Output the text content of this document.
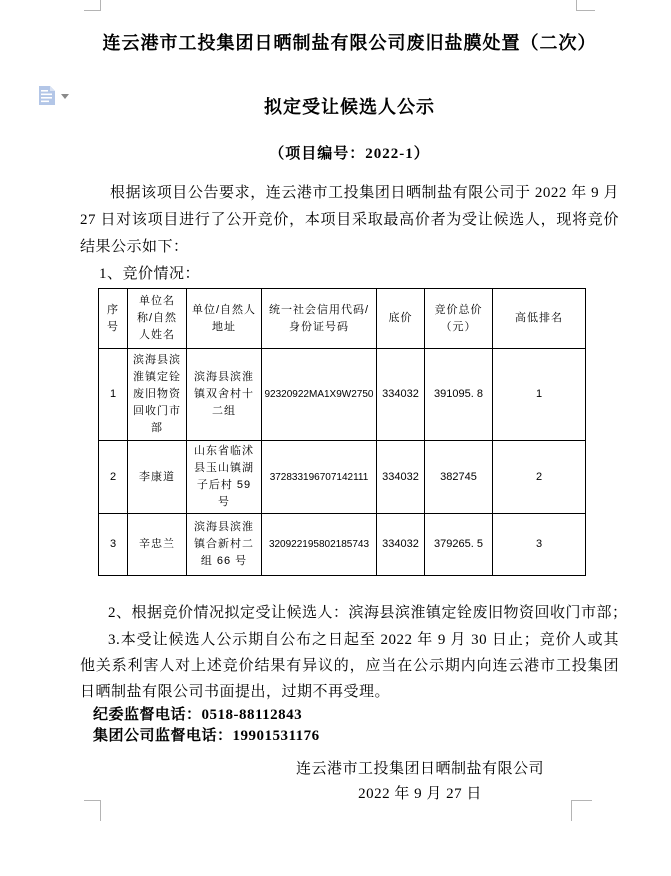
连云港市工投集团日晒制盐有限公司废旧盐膜处置（二次）
拟定受让候选人公示
（项目编号：2022-1）

根据该项目公告要求，连云港市工投集团日晒制盐有限公司于 2022 年 9 月 27 日对该项目进行了公开竞价，本项目采取最高价者为受让候选人，现将竞价结果公示如下：

1、竞价情况：

序号	单位名称/自然人姓名	单位/自然人地址	统一社会信用代码/身份证号码	底价	竞价总价（元）	高低排名
1	滨海县滨淮镇定铨废旧物资回收门市部	滨海县滨淮镇双舍村十二组	92320922MA1X9W2750	334032	391095. 8	1
2	李康道	山东省临沭县玉山镇湖子后村 59 号	372833196707142111	334032	382745	2
3	辛忠兰	滨海县滨淮镇合新村二组 66 号	320922195802185743	334032	379265. 5	3

2、根据竞价情况拟定受让候选人：滨海县滨淮镇定铨废旧物资回收门市部；

3.本受让候选人公示期自公布之日起至 2022 年 9 月 30 日止；竞价人或其他关系利害人对上述竞价结果有异议的，应当在公示期内向连云港市工投集团日晒制盐有限公司书面提出，过期不再受理。

纪委监督电话：0518-88112843

集团公司监督电话：19901531176

连云港市工投集团日晒制盐有限公司
2022 年 9 月 27 日
